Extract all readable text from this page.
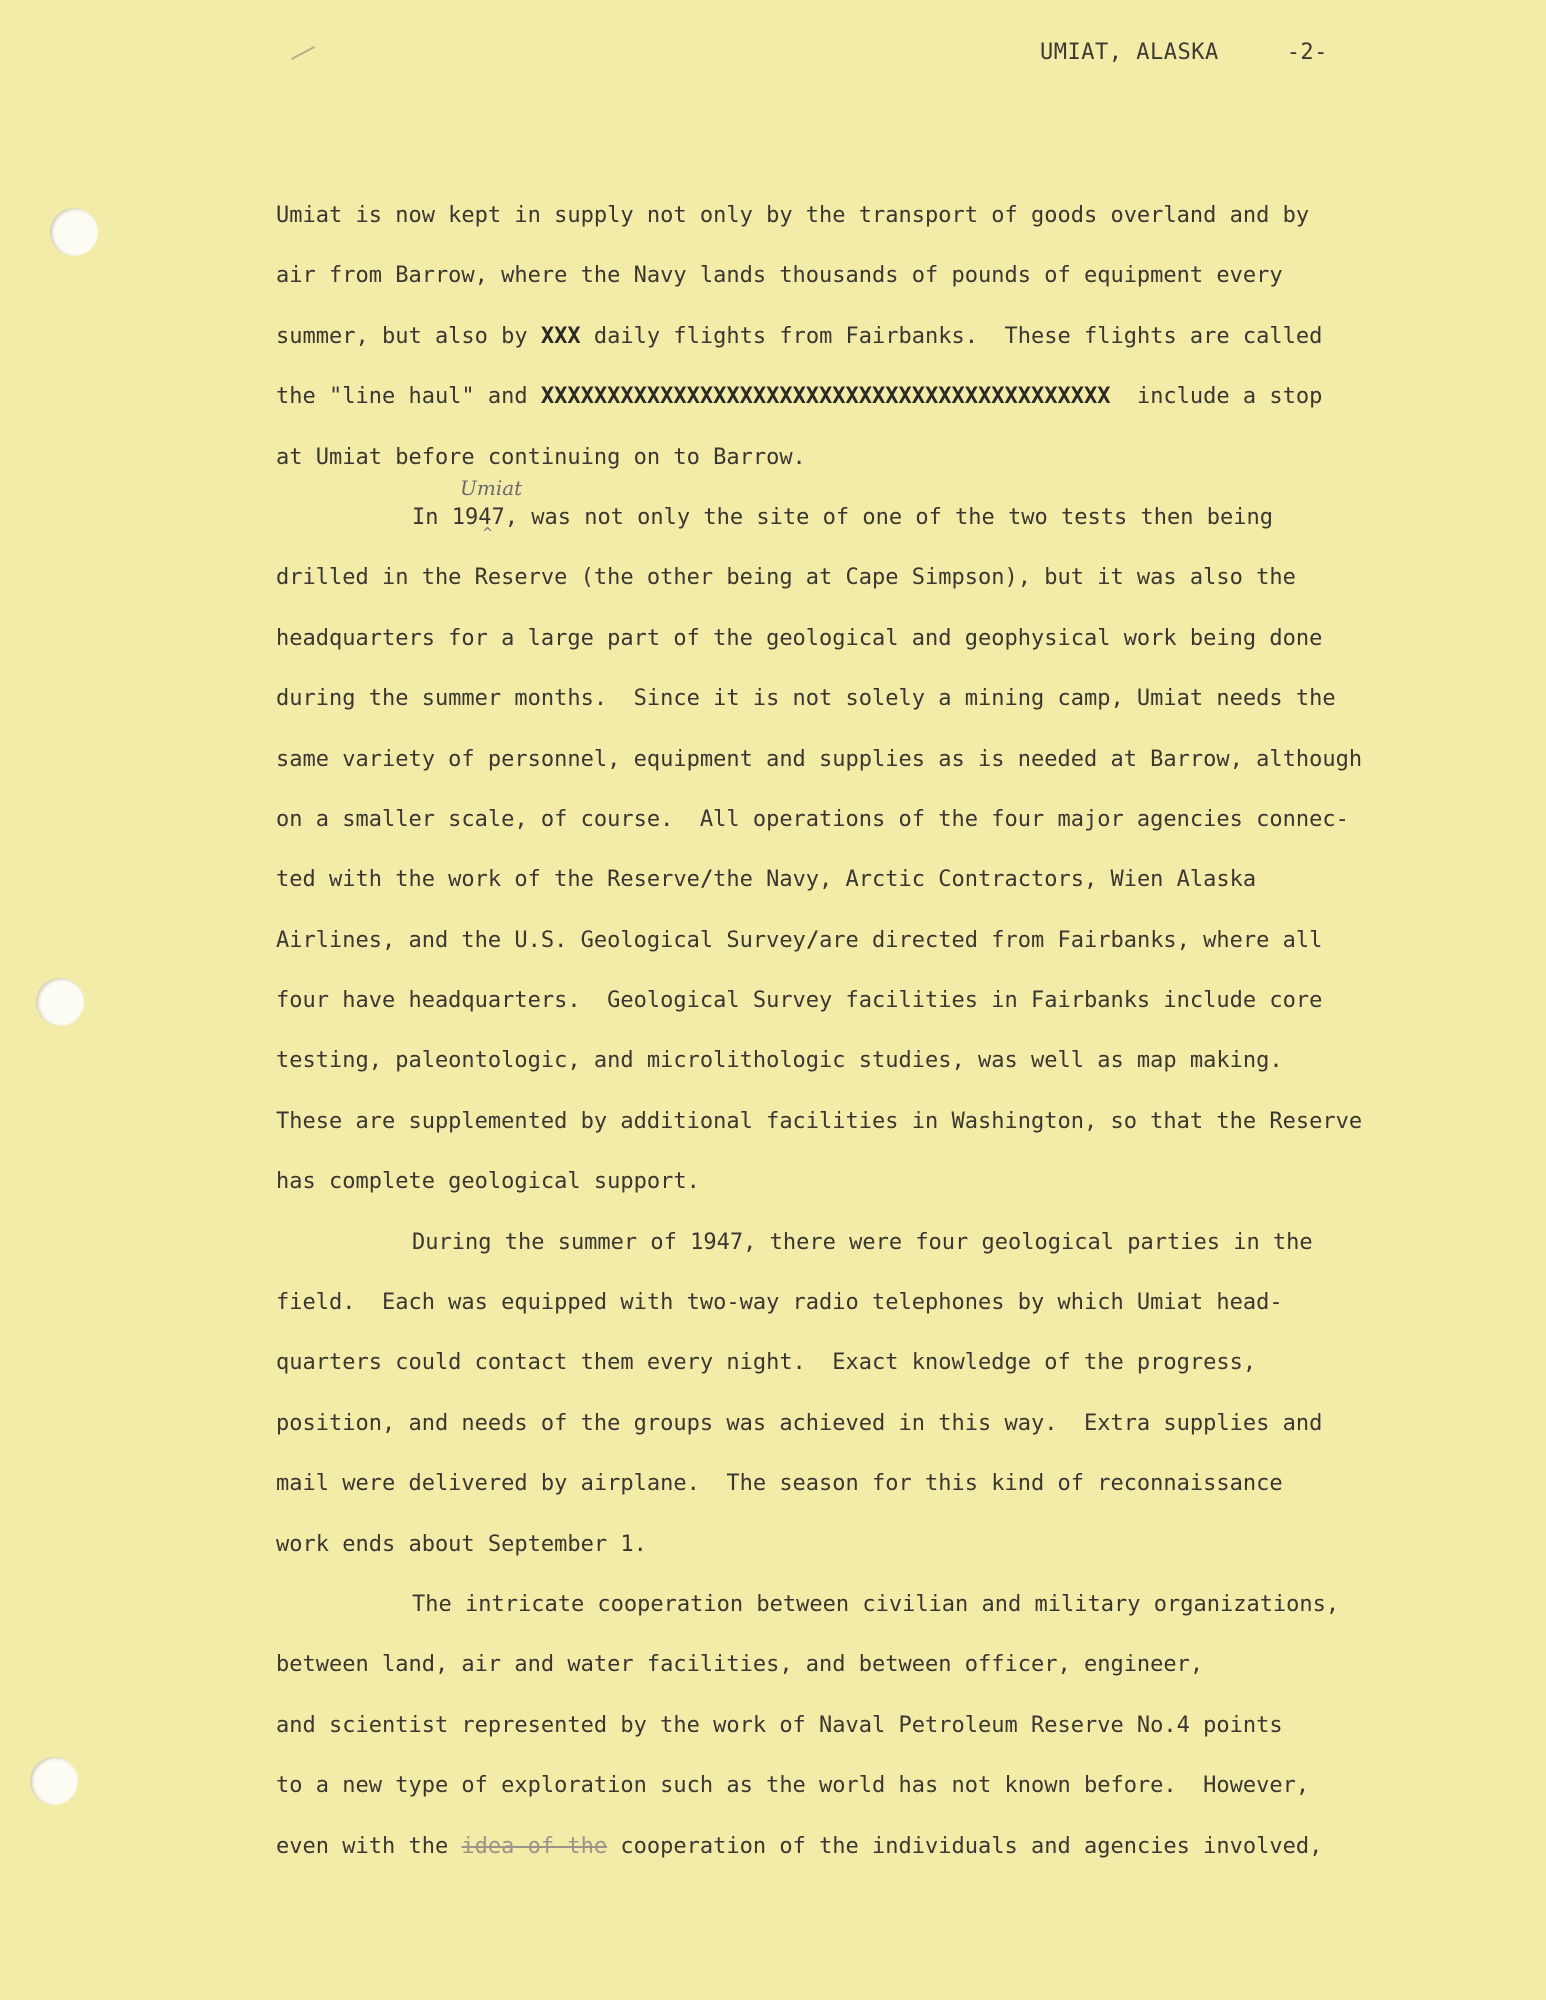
UMIAT, ALASKA	-2-
Umiat is now kept in supply not only by the transport of goods overland and by
air from Barrow, where the Navy lands thousands of pounds of equipment every
summer, but also by XXX daily flights from Fairbanks.  These flights are called
the "line haul" and XXXXXXXXXXXXXXXXXXXXXXXXXXXXXXXXXXXXXXXXXXX  include a stop
at Umiat before continuing on to Barrow.
In 1947,
Umiat
^
was not only the site of one of the two tests then being
drilled in the Reserve (the other being at Cape Simpson), but it was also the
headquarters for a large part of the geological and geophysical work being done
during the summer months.  Since it is not solely a mining camp, Umiat needs the
same variety of personnel, equipment and supplies as is needed at Barrow, although
on a smaller scale, of course.  All operations of the four major agencies connec-
ted with the work of the Reserve/the Navy, Arctic Contractors, Wien Alaska
Airlines, and the U.S. Geological Survey/are directed from Fairbanks, where all
four have headquarters.  Geological Survey facilities in Fairbanks include core
testing, paleontologic, and microlithologic studies, was well as map making.
These are supplemented by additional facilities in Washington, so that the Reserve
has complete geological support.
During the summer of 1947, there were four geological parties in the
field.  Each was equipped with two-way radio telephones by which Umiat head-
quarters could contact them every night.  Exact knowledge of the progress,
position, and needs of the groups was achieved in this way.  Extra supplies and
mail were delivered by airplane.  The season for this kind of reconnaissance
work ends about September 1.
The intricate cooperation between civilian and military organizations,
between land, air and water facilities, and between officer, engineer,
and scientist represented by the work of Naval Petroleum Reserve No.4 points
to a new type of exploration such as the world has not known before.  However,
even with the idea of the cooperation of the individuals and agencies involved,
